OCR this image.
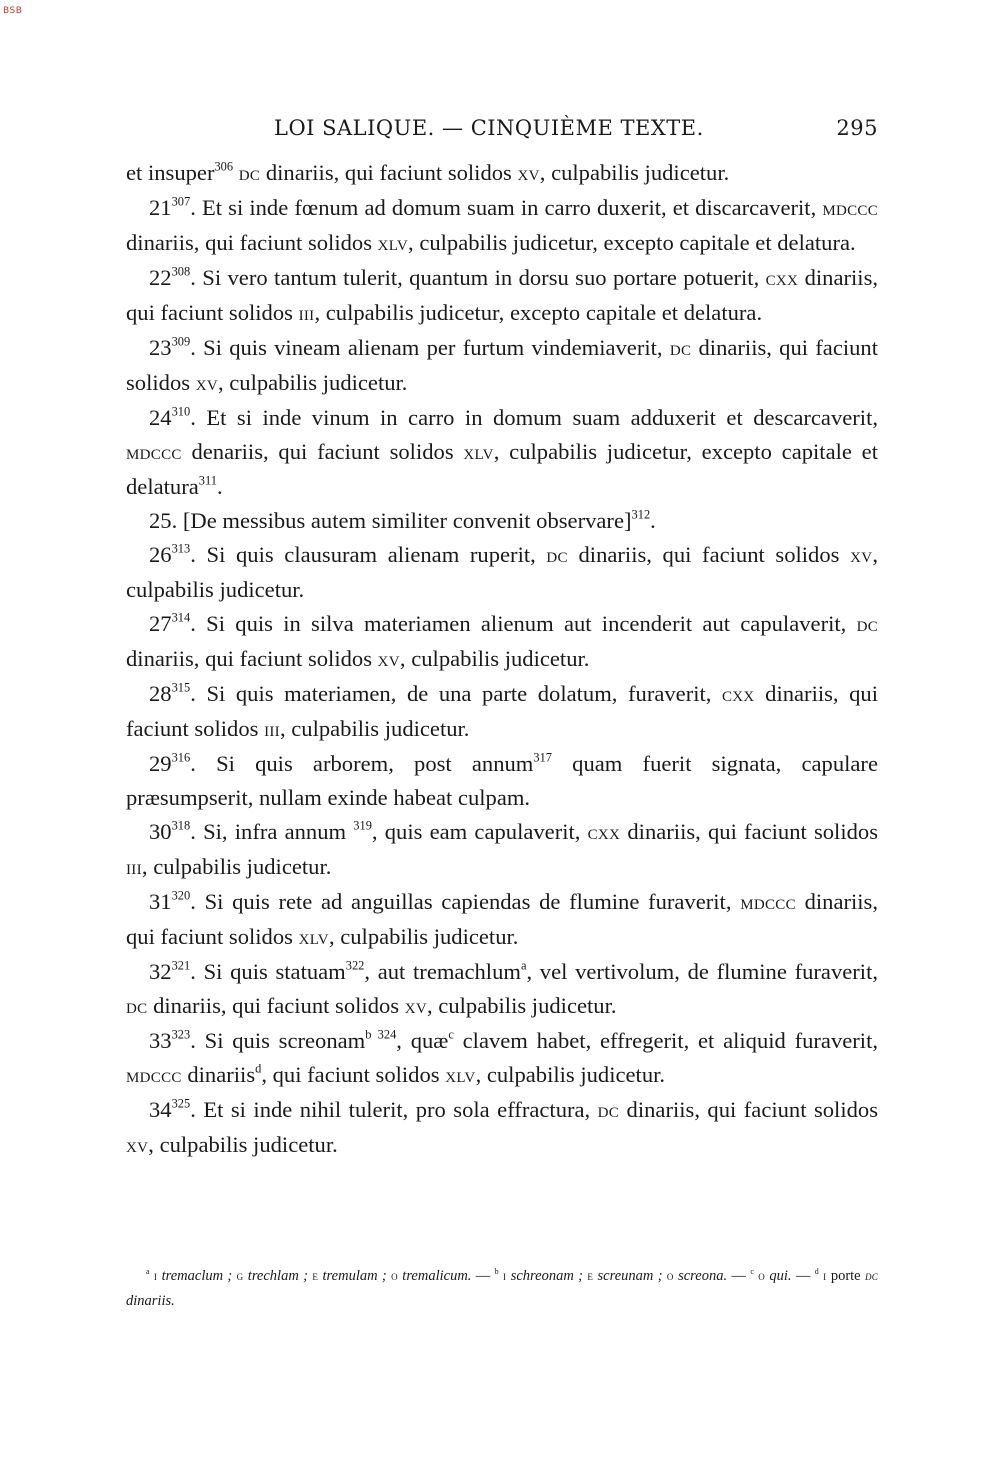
BSB
LOI SALIQUE. — CINQUIÈME TEXTE.	295

et insuper$^{306}$ dc dinariis, qui faciunt solidos xv, culpabilis judicetur.

$21^{307}$. Et si inde fœnum ad domum suam in carro duxerit, et discarcaverit, mdccc dinariis, qui faciunt solidos xlv, culpabilis judicetur, excepto capitale et delatura.

$22^{308}$. Si vero tantum tulerit, quantum in dorsu suo portare potuerit, cxx dinariis, qui faciunt solidos iii, culpabilis judicetur, excepto capitale et delatura.

$23^{309}$. Si quis vineam alienam per furtum vindemiaverit, dc dinariis, qui faciunt solidos xv, culpabilis judicetur.

$24^{310}$. Et si inde vinum in carro in domum suam adduxerit et descarcaverit, mdccc denariis, qui faciunt solidos xlv, culpabilis judicetur, excepto capitale et delatura$^{311}$.

25. [De messibus autem similiter convenit observare]$^{312}$.

$26^{313}$. Si quis clausuram alienam ruperit, dc dinariis, qui faciunt solidos xv, culpabilis judicetur.

$27^{314}$. Si quis in silva materiamen alienum aut incenderit aut capulaverit, dc dinariis, qui faciunt solidos xv, culpabilis judicetur.

$28^{315}$. Si quis materiamen, de una parte dolatum, furaverit, cxx dinariis, qui faciunt solidos iii, culpabilis judicetur.

$29^{316}$. Si quis arborem, post annum$^{317}$ quam fuerit signata, capulare præsumpserit, nullam exinde habeat culpam.

$30^{318}$. Si, infra annum $^{319}$, quis eam capulaverit, cxx dinariis, qui faciunt solidos iii, culpabilis judicetur.

$31^{320}$. Si quis rete ad anguillas capiendas de flumine furaverit, mdccc dinariis, qui faciunt solidos xlv, culpabilis judicetur.

$32^{321}$. Si quis statuam$^{322}$, aut tremachlum$^a$, vel vertivolum, de flumine furaverit, dc dinariis, qui faciunt solidos xv, culpabilis judicetur.

$33^{323}$. Si quis screonam$^{b 324}$, quæ$^c$ clavem habet, effregerit, et aliquid furaverit, mdccc dinariis$^d$, qui faciunt solidos xlv, culpabilis judicetur.

$34^{325}$. Et si inde nihil tulerit, pro sola effractura, dc dinariis, qui faciunt solidos xv, culpabilis judicetur.

$^a$ i tremaclum ; g trechlam ; e tremulam ; o tremalicum. — $^b$ i schreonam ; e screunam ; o screona. — $^c$ o qui. — $^d$ i porte dc dinariis.
